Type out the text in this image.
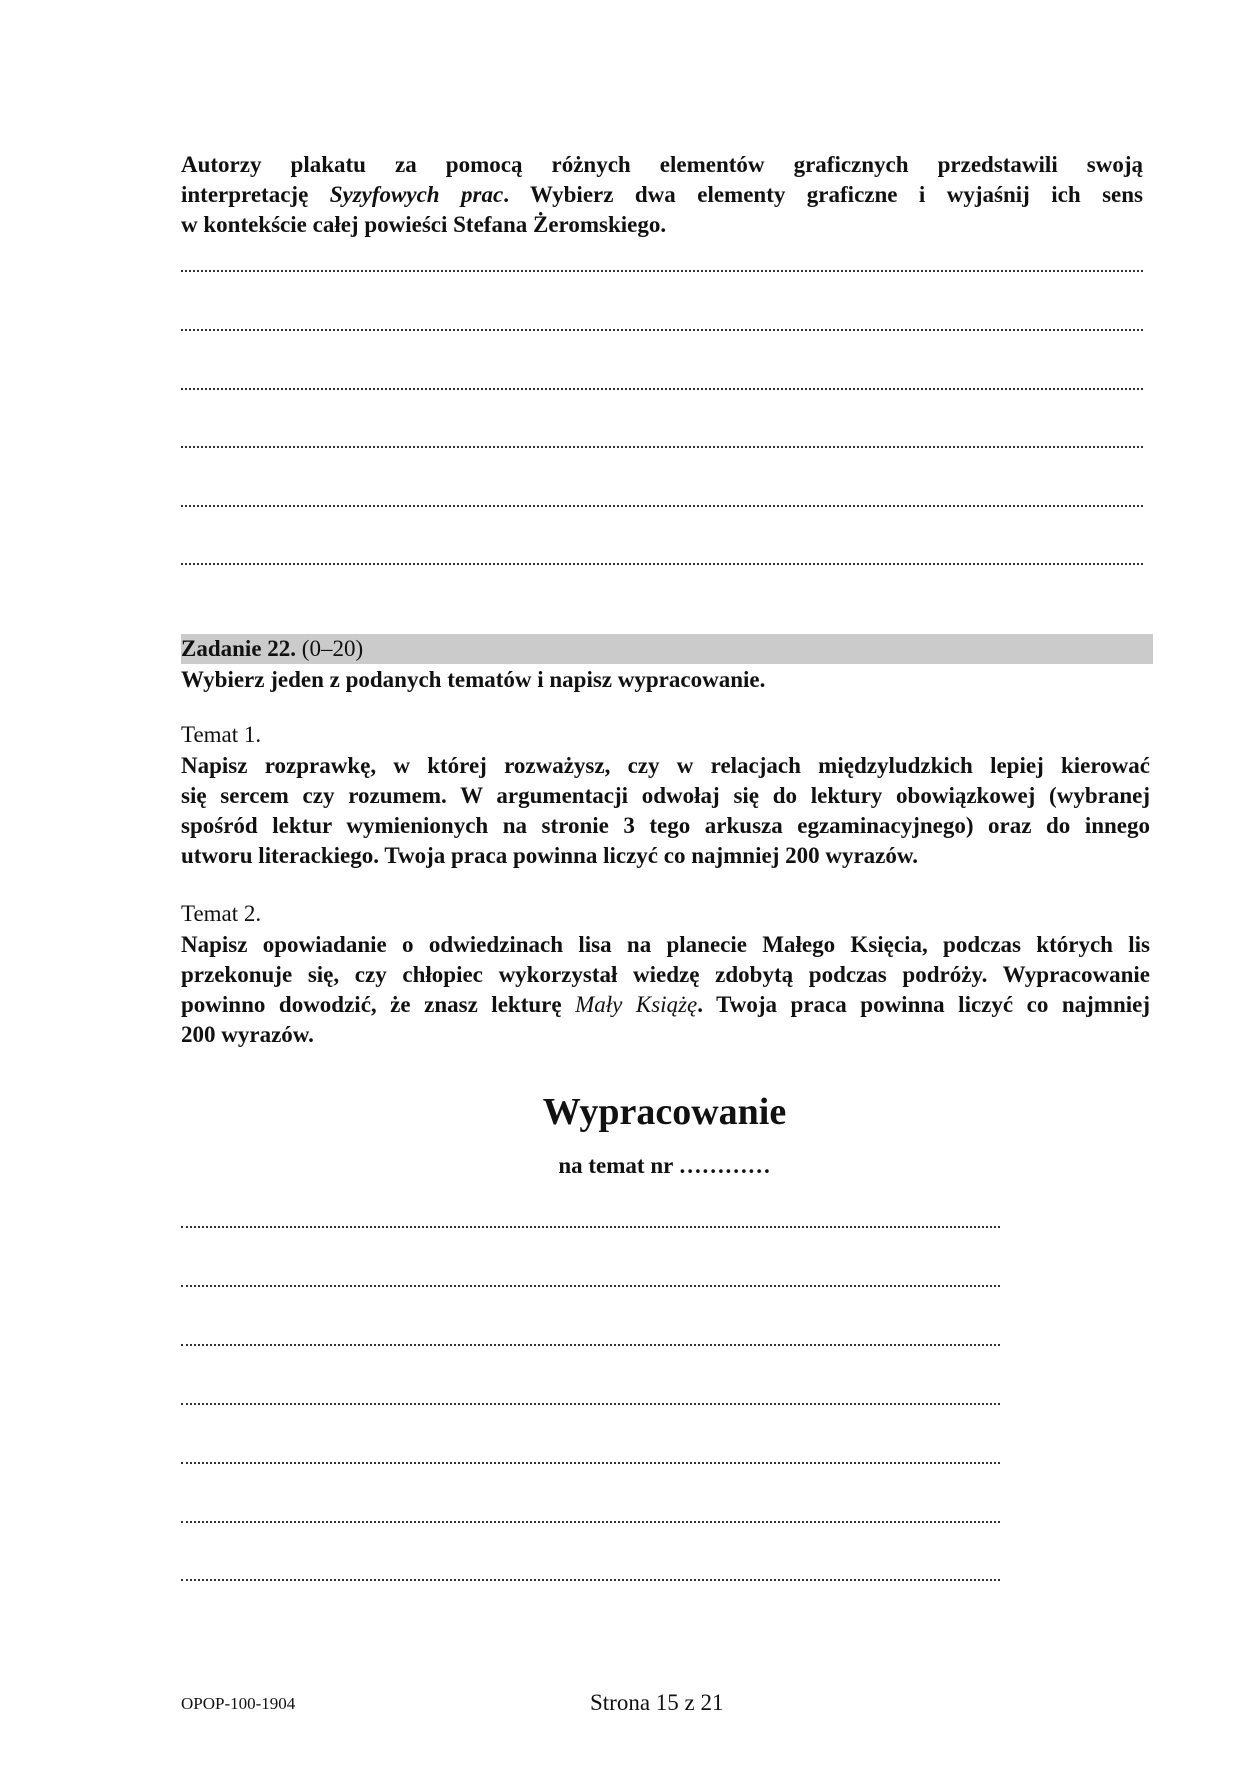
Autorzy plakatu za pomocą różnych elementów graficznych przedstawili swoją
interpretację Syzyfowych prac. Wybierz dwa elementy graficzne i wyjaśnij ich sens
w kontekście całej powieści Stefana Żeromskiego.
Zadanie 22. (0–20)
Wybierz jeden z podanych tematów i napisz wypracowanie.
Temat 1.
Napisz rozprawkę, w której rozważysz, czy w relacjach międzyludzkich lepiej kierować
się sercem czy rozumem. W argumentacji odwołaj się do lektury obowiązkowej (wybranej
spośród lektur wymienionych na stronie 3 tego arkusza egzaminacyjnego) oraz do innego
utworu literackiego. Twoja praca powinna liczyć co najmniej 200 wyrazów.
Temat 2.
Napisz opowiadanie o odwiedzinach lisa na planecie Małego Księcia, podczas których lis
przekonuje się, czy chłopiec wykorzystał wiedzę zdobytą podczas podróży. Wypracowanie
powinno dowodzić, że znasz lekturę Mały Książę. Twoja praca powinna liczyć co najmniej
200 wyrazów.
Wypracowanie
na temat nr …………
OPOP-100-1904	Strona 15 z 21
